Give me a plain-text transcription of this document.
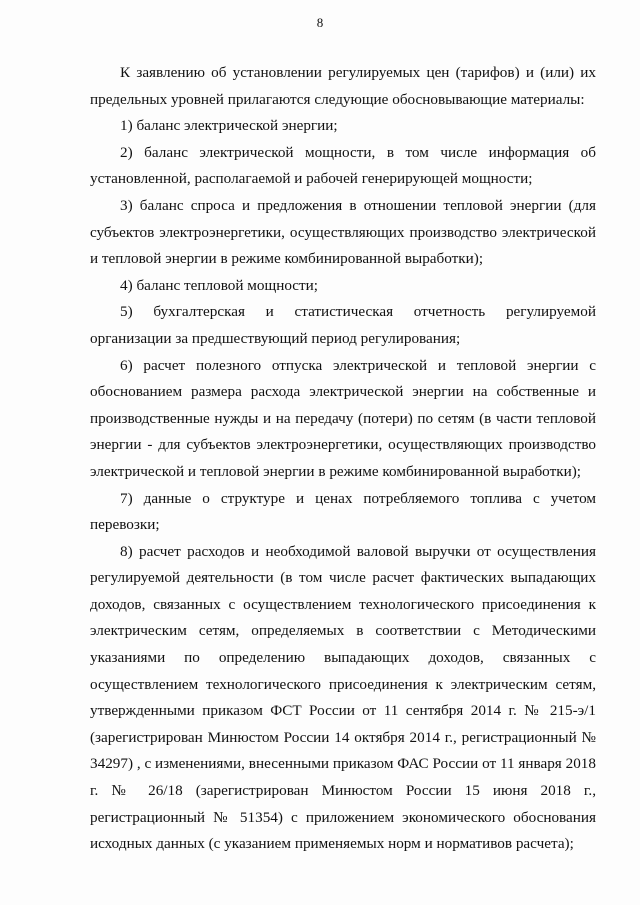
8

К заявлению об установлении регулируемых цен (тарифов) и (или) их предельных уровней прилагаются следующие обосновывающие материалы:

1) баланс электрической энергии;

2) баланс электрической мощности, в том числе информация об установленной, располагаемой и рабочей генерирующей мощности;

3) баланс спроса и предложения в отношении тепловой энергии (для субъектов электроэнергетики, осуществляющих производство электрической и тепловой энергии в режиме комбинированной выработки);

4) баланс тепловой мощности;

5) бухгалтерская и статистическая отчетность регулируемой организации за предшествующий период регулирования;

6) расчет полезного отпуска электрической и тепловой энергии с обоснованием размера расхода электрической энергии на собственные и производственные нужды и на передачу (потери) по сетям (в части тепловой энергии - для субъектов электроэнергетики, осуществляющих производство электрической и тепловой энергии в режиме комбинированной выработки);

7) данные о структуре и ценах потребляемого топлива с учетом перевозки;

8) расчет расходов и необходимой валовой выручки от осуществления регулируемой деятельности (в том числе расчет фактических выпадающих доходов, связанных с осуществлением технологического присоединения к электрическим сетям, определяемых в соответствии с Методическими указаниями по определению выпадающих доходов, связанных с осуществлением технологического присоединения к электрическим сетям, утвержденными приказом ФСТ России от 11 сентября 2014 г. № 215-э/1 (зарегистрирован Минюстом России 14 октября 2014 г., регистрационный № 34297) , с изменениями, внесенными приказом ФАС России от 11 января 2018 г. № 26/18 (зарегистрирован Минюстом России 15 июня 2018 г., регистрационный № 51354) с приложением экономического обоснования исходных данных (с указанием применяемых норм и нормативов расчета);
